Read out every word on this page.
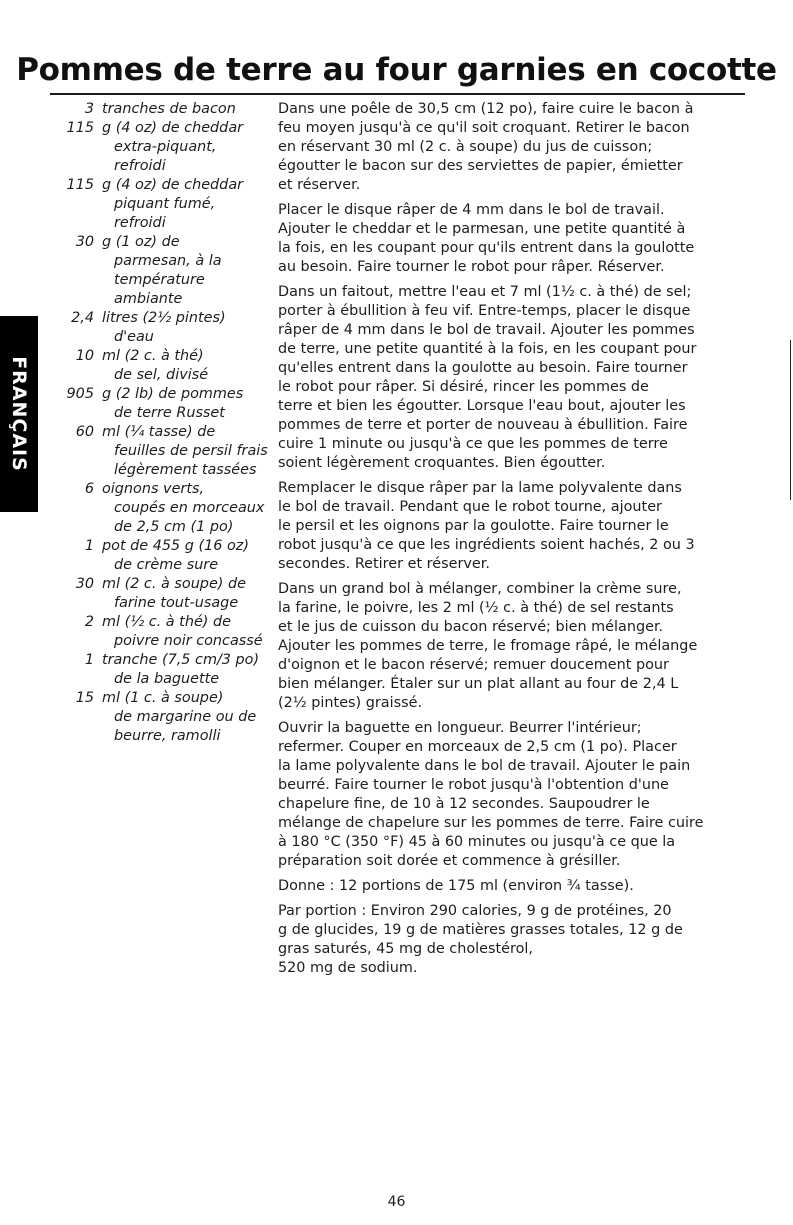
Pommes de terre au four garnies en cocotte
FRANÇAIS
3 tranches de bacon
115 g (4 oz) de cheddar
extra-piquant,
refroidi
115 g (4 oz) de cheddar
piquant fumé,
refroidi
30 g (1 oz) de
parmesan, à la
température
ambiante
2,4 litres (2½ pintes)
d'eau
10 ml (2 c. à thé)
de sel, divisé
905 g (2 lb) de pommes
de terre Russet
60 ml (¼ tasse) de
feuilles de persil frais
légèrement tassées
6 oignons verts,
coupés en morceaux
de 2,5 cm (1 po)
1 pot de 455 g (16 oz)
de crème sure
30 ml (2 c. à soupe) de
farine tout-usage
2 ml (½ c. à thé) de
poivre noir concassé
1 tranche (7,5 cm/3 po)
de la baguette
15 ml (1 c. à soupe)
de margarine ou de
beurre, ramolli

Dans une poêle de 30,5 cm (12 po), faire cuire le bacon à
feu moyen jusqu'à ce qu'il soit croquant. Retirer le bacon
en réservant 30 ml (2 c. à soupe) du jus de cuisson;
égoutter le bacon sur des serviettes de papier, émietter
et réserver.

Placer le disque râper de 4 mm dans le bol de travail.
Ajouter le cheddar et le parmesan, une petite quantité à
la fois, en les coupant pour qu'ils entrent dans la goulotte
au besoin. Faire tourner le robot pour râper. Réserver.

Dans un faitout, mettre l'eau et 7 ml (1½ c. à thé) de sel;
porter à ébullition à feu vif. Entre-temps, placer le disque
râper de 4 mm dans le bol de travail. Ajouter les pommes
de terre, une petite quantité à la fois, en les coupant pour
qu'elles entrent dans la goulotte au besoin. Faire tourner
le robot pour râper. Si désiré, rincer les pommes de
terre et bien les égoutter. Lorsque l'eau bout, ajouter les
pommes de terre et porter de nouveau à ébullition. Faire
cuire 1 minute ou jusqu'à ce que les pommes de terre
soient légèrement croquantes. Bien égoutter.

Remplacer le disque râper par la lame polyvalente dans
le bol de travail. Pendant que le robot tourne, ajouter
le persil et les oignons par la goulotte. Faire tourner le
robot jusqu'à ce que les ingrédients soient hachés, 2 ou 3
secondes. Retirer et réserver.

Dans un grand bol à mélanger, combiner la crème sure,
la farine, le poivre, les 2 ml (½ c. à thé) de sel restants
et le jus de cuisson du bacon réservé; bien mélanger.
Ajouter les pommes de terre, le fromage râpé, le mélange
d'oignon et le bacon réservé; remuer doucement pour
bien mélanger. Étaler sur un plat allant au four de 2,4 L
(2½ pintes) graissé.

Ouvrir la baguette en longueur. Beurrer l'intérieur;
refermer. Couper en morceaux de 2,5 cm (1 po). Placer
la lame polyvalente dans le bol de travail. Ajouter le pain
beurré. Faire tourner le robot jusqu'à l'obtention d'une
chapelure fine, de 10 à 12 secondes. Saupoudrer le
mélange de chapelure sur les pommes de terre. Faire cuire
à 180 °C (350 °F) 45 à 60 minutes ou jusqu'à ce que la
préparation soit dorée et commence à grésiller.

Donne : 12 portions de 175 ml (environ ¾ tasse).

Par portion : Environ 290 calories, 9 g de protéines, 20
g de glucides, 19 g de matières grasses totales, 12 g de
gras saturés, 45 mg de cholestérol,
520 mg de sodium.

46
